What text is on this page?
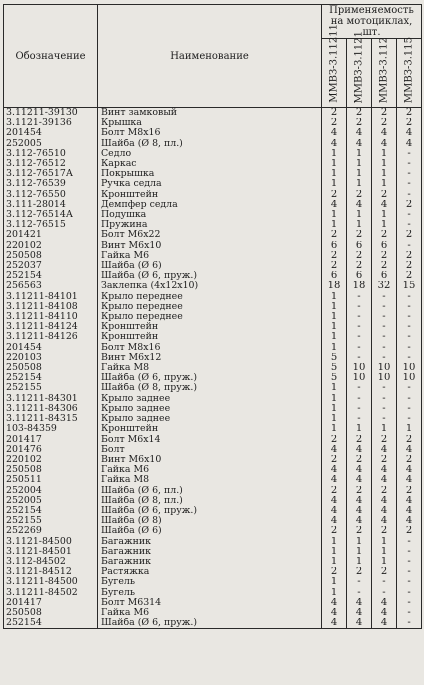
Обозначение	Наименование	Применяемость на мотоциклах, шт.			

		ММВЗ-3.11211	ММВЗ-3.1121	ММВЗ-3.112	ММВЗ-3.115

3.11211-39130	Винт замковый	2	2	2	2
3.1121-39136	Крышка	2	2	2	2
201454	Болт М8х16	4	4	4	4
252005	Шайба (Ø 8, пл.)	4	4	4	4
3.112-76510	Седло	1	1	1	-
3.112-76512	Каркас	1	1	1	-
3.112-76517А	Покрышка	1	1	1	-
3.112-76539	Ручка седла	1	1	1	-
3.112-76550	Кронштейн	2	2	2	-
3.111-28014	Демпфер седла	4	4	4	2
3.112-76514А	Подушка	1	1	1	-
3.112-76515	Пружина	1	1	1	-
201421	Болт М6х22	2	2	2	2
220102	Винт М6х10	6	6	6	-
250508	Гайка М6	2	2	2	2
252037	Шайба (Ø 6)	2	2	2	2
252154	Шайба (Ø 6, пруж.)	6	6	6	2
256563	Заклепка (4х12х10)	18	18	32	15
3.11211-84101	Крыло переднее	1	-	-	-
3.11211-84108	Крыло переднее	1	-	-	-
3.11211-84110	Крыло переднее	1	-	-	-
3.11211-84124	Кронштейн	1	-	-	-
3.11211-84126	Кронштейн	1	-	-	-
201454	Болт М8х16	1	-	-	-
220103	Винт М6х12	5	-	-	-
250508	Гайка М8	5	10	10	10
252154	Шайба (Ø 6, пруж.)	5	10	10	10
252155	Шайба (Ø 8, пруж.)	1	-	-	-
3.11211-84301	Крыло заднее	1	-	-	-
3.11211-84306	Крыло заднее	1	-	-	-
3.11211-84315	Крыло заднее	1	-	-	-
103-84359	Кронштейн	1	1	1	1
201417	Болт М6х14	2	2	2	2
201476	Болт	4	4	4	4
220102	Винт М6х10	2	2	2	2
250508	Гайка М6	4	4	4	4
250511	Гайка М8	4	4	4	4
252004	Шайба (Ø 6, пл.)	2	2	2	2
252005	Шайба (Ø 8, пл.)	4	4	4	4
252154	Шайба (Ø 6, пруж.)	4	4	4	4
252155	Шайба (Ø 8)	4	4	4	4
252269	Шайба (Ø 6)	2	2	2	2
3.1121-84500	Багажник	1	1	1	-
3.1121-84501	Багажник	1	1	1	-
3.112-84502	Багажник	1	1	1	-
3.1121-84512	Растяжка	2	2	2	-
3.11211-84500	Бугель	1	-	-	-
3.11211-84502	Бугель	1	-	-	-
201417	Болт М6314	4	4	4	-
250508	Гайка М6	4	4	4	-
252154	Шайба (Ø 6, пруж.)	4	4	4	-
